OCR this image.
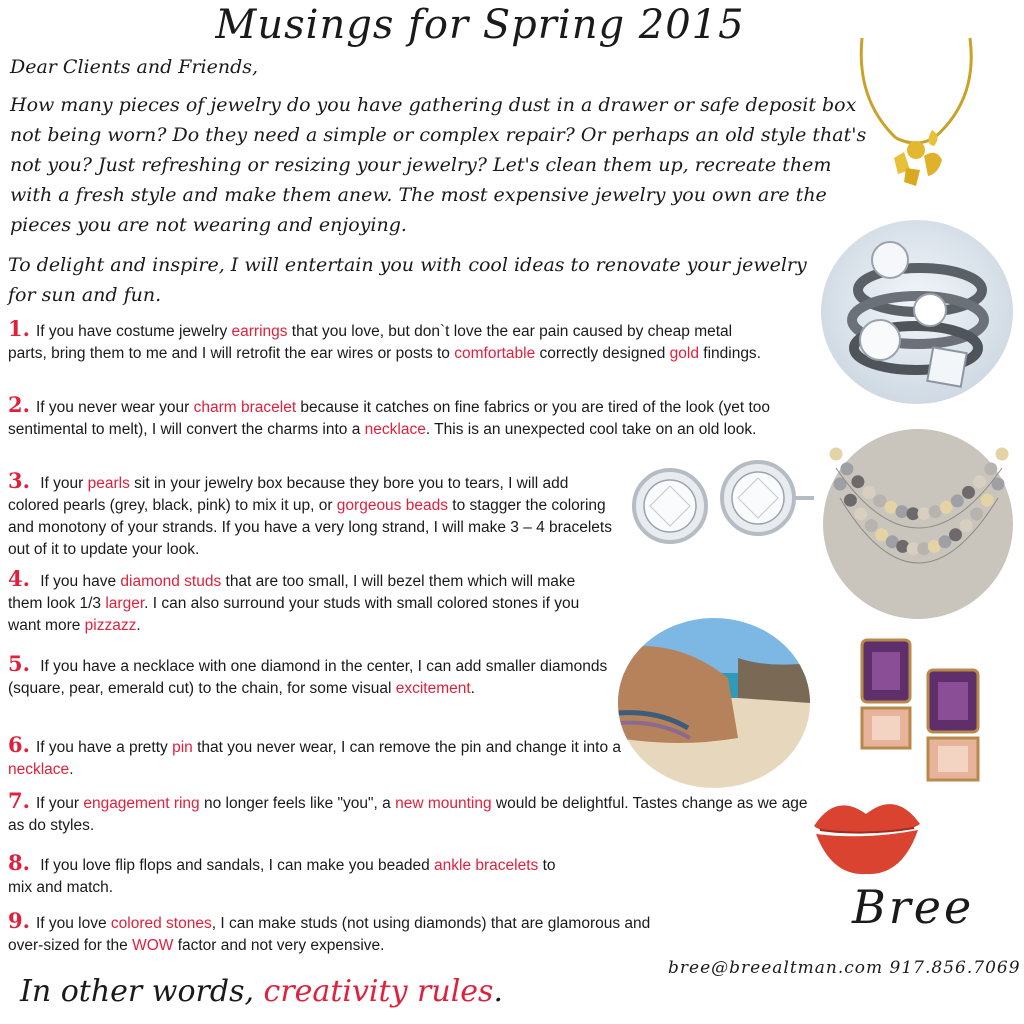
Musings for Spring 2015
Dear Clients and Friends,
How many pieces of jewelry do you have gathering dust in a drawer or safe deposit box not being worn? Do they need a simple or complex repair? Or perhaps an old style that's not you? Just refreshing or resizing your jewelry? Let's clean them up, recreate them with a fresh style and make them anew. The most expensive jewelry you own are the pieces you are not wearing and enjoying.
To delight and inspire, I will entertain you with cool ideas to renovate your jewelry for sun and fun.
1. If you have costume jewelry earrings that you love, but don`t love the ear pain caused by cheap metal parts, bring them to me and I will retrofit the ear wires or posts to comfortable correctly designed gold findings.
2. If you never wear your charm bracelet because it catches on fine fabrics or you are tired of the look (yet too sentimental to melt), I will convert the charms into a necklace. This is an unexpected cool take on an old look.
3. If your pearls sit in your jewelry box because they bore you to tears, I will add colored pearls (grey, black, pink) to mix it up, or gorgeous beads to stagger the coloring and monotony of your strands. If you have a very long strand, I will make 3 – 4 bracelets out of it to update your look.
4. If you have diamond studs that are too small, I will bezel them which will make them look 1/3 larger. I can also surround your studs with small colored stones if you want more pizzazz.
5. If you have a necklace with one diamond in the center, I can add smaller diamonds (square, pear, emerald cut) to the chain, for some visual excitement.
6. If you have a pretty pin that you never wear, I can remove the pin and change it into a necklace.
7. If your engagement ring no longer feels like "you", a new mounting would be delightful. Tastes change as we age as do styles.
8. If you love flip flops and sandals, I can make you beaded ankle bracelets to mix and match.
9. If you love colored stones, I can make studs (not using diamonds) that are glamorous and over-sized for the WOW factor and not very expensive.
In other words, creativity rules.
Bree
bree@breealtman.com 917.856.7069
